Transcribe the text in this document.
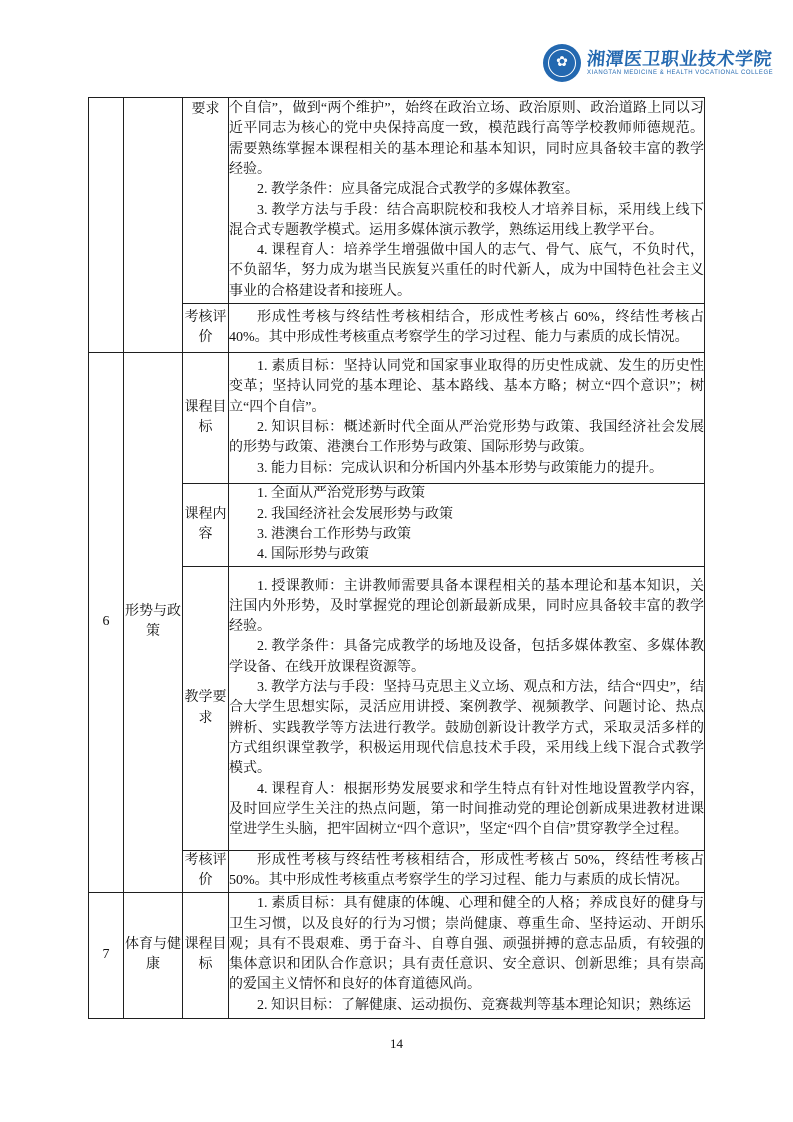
✿ 湘潭医卫职业技术学院
XIANGTAN MEDICINE & HEALTH VOCATIONAL COLLEGE
		要求	个自信”，做到“两个维护”，始终在政治立场、政治原则、政治道路上同以习近平同志为核心的党中央保持高度一致，模范践行高等学校教师师德规范。需要熟练掌握本课程相关的基本理论和基本知识，同时应具备较丰富的教学经验。

2. 教学条件：应具备完成混合式教学的多媒体教室。

3. 教学方法与手段：结合高职院校和我校人才培养目标，采用线上线下混合式专题教学模式。运用多媒体演示教学，熟练运用线上教学平台。

4. 课程育人：培养学生增强做中国人的志气、骨气、底气，不负时代，不负韶华，努力成为堪当民族复兴重任的时代新人，成为中国特色社会主义事业的合格建设者和接班人。

		考核评价	形成性考核与终结性考核相结合，形成性考核占 60%，终结性考核占 40%。其中形成性考核重点考察学生的学习过程、能力与素质的成长情况。

6	形势与政策	课程目标	1. 素质目标：坚持认同党和国家事业取得的历史性成就、发生的历史性变革；坚持认同党的基本理论、基本路线、基本方略；树立“四个意识”；树立“四个自信”。

2. 知识目标：概述新时代全面从严治党形势与政策、我国经济社会发展的形势与政策、港澳台工作形势与政策、国际形势与政策。

3. 能力目标：完成认识和分析国内外基本形势与政策能力的提升。

		课程内容	1. 全面从严治党形势与政策

2. 我国经济社会发展形势与政策

3. 港澳台工作形势与政策

4. 国际形势与政策

		教学要求	1. 授课教师：主讲教师需要具备本课程相关的基本理论和基本知识，关注国内外形势，及时掌握党的理论创新最新成果，同时应具备较丰富的教学经验。

2. 教学条件：具备完成教学的场地及设备，包括多媒体教室、多媒体教学设备、在线开放课程资源等。

3. 教学方法与手段：坚持马克思主义立场、观点和方法，结合“四史”，结合大学生思想实际，灵活应用讲授、案例教学、视频教学、问题讨论、热点辨析、实践教学等方法进行教学。鼓励创新设计教学方式，采取灵活多样的方式组织课堂教学，积极运用现代信息技术手段，采用线上线下混合式教学模式。

4. 课程育人：根据形势发展要求和学生特点有针对性地设置教学内容，及时回应学生关注的热点问题，第一时间推动党的理论创新成果进教材进课堂进学生头脑，把牢固树立“四个意识”，坚定“四个自信”贯穿教学全过程。

		考核评价	形成性考核与终结性考核相结合，形成性考核占 50%，终结性考核占 50%。其中形成性考核重点考察学生的学习过程、能力与素质的成长情况。

7	体育与健康	课程目标	1. 素质目标：具有健康的体魄、心理和健全的人格；养成良好的健身与卫生习惯，以及良好的行为习惯；崇尚健康、尊重生命、坚持运动、开朗乐观；具有不畏艰难、勇于奋斗、自尊自强、顽强拼搏的意志品质，有较强的集体意识和团队合作意识；具有责任意识、安全意识、创新思维；具有崇高的爱国主义情怀和良好的体育道德风尚。

2. 知识目标：了解健康、运动损伤、竞赛裁判等基本理论知识；熟练运

14
